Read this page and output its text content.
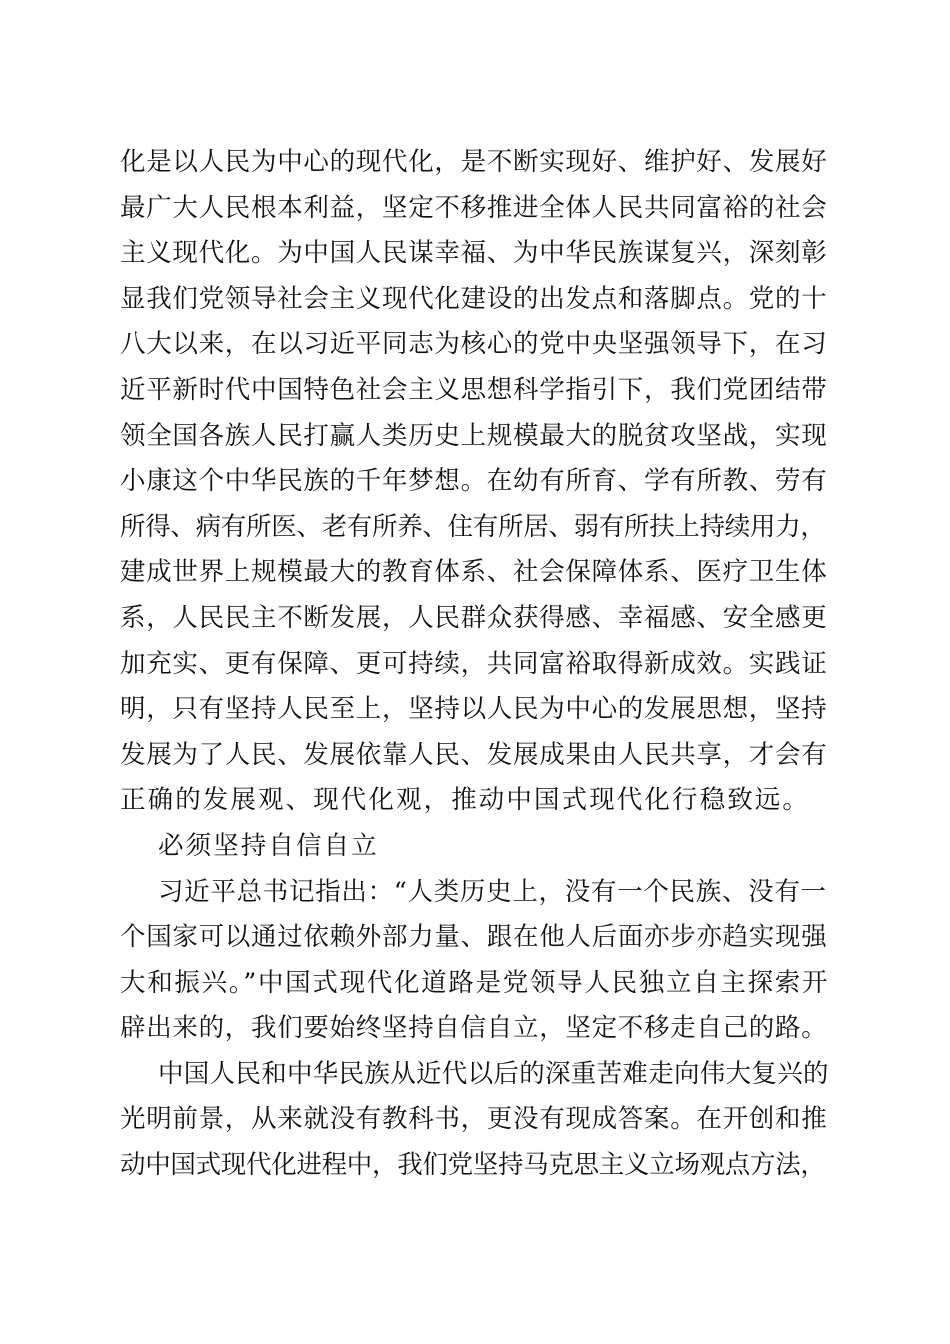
化是以人民为中心的现代化，是不断实现好、维护好、发展好
最广大人民根本利益，坚定不移推进全体人民共同富裕的社会
主义现代化。为中国人民谋幸福、为中华民族谋复兴，深刻彰
显我们党领导社会主义现代化建设的出发点和落脚点。党的十
八大以来，在以习近平同志为核心的党中央坚强领导下，在习
近平新时代中国特色社会主义思想科学指引下，我们党团结带
领全国各族人民打赢人类历史上规模最大的脱贫攻坚战，实现
小康这个中华民族的千年梦想。在幼有所育、学有所教、劳有
所得、病有所医、老有所养、住有所居、弱有所扶上持续用力，
建成世界上规模最大的教育体系、社会保障体系、医疗卫生体
系，人民民主不断发展，人民群众获得感、幸福感、安全感更
加充实、更有保障、更可持续，共同富裕取得新成效。实践证
明，只有坚持人民至上，坚持以人民为中心的发展思想，坚持
发展为了人民、发展依靠人民、发展成果由人民共享，才会有
正确的发展观、现代化观，推动中国式现代化行稳致远。
必须坚持自信自立
习近平总书记指出：“人类历史上，没有一个民族、没有一
个国家可以通过依赖外部力量、跟在他人后面亦步亦趋实现强
大和振兴。”中国式现代化道路是党领导人民独立自主探索开
辟出来的，我们要始终坚持自信自立，坚定不移走自己的路。
中国人民和中华民族从近代以后的深重苦难走向伟大复兴的
光明前景，从来就没有教科书，更没有现成答案。在开创和推
动中国式现代化进程中，我们党坚持马克思主义立场观点方法，
